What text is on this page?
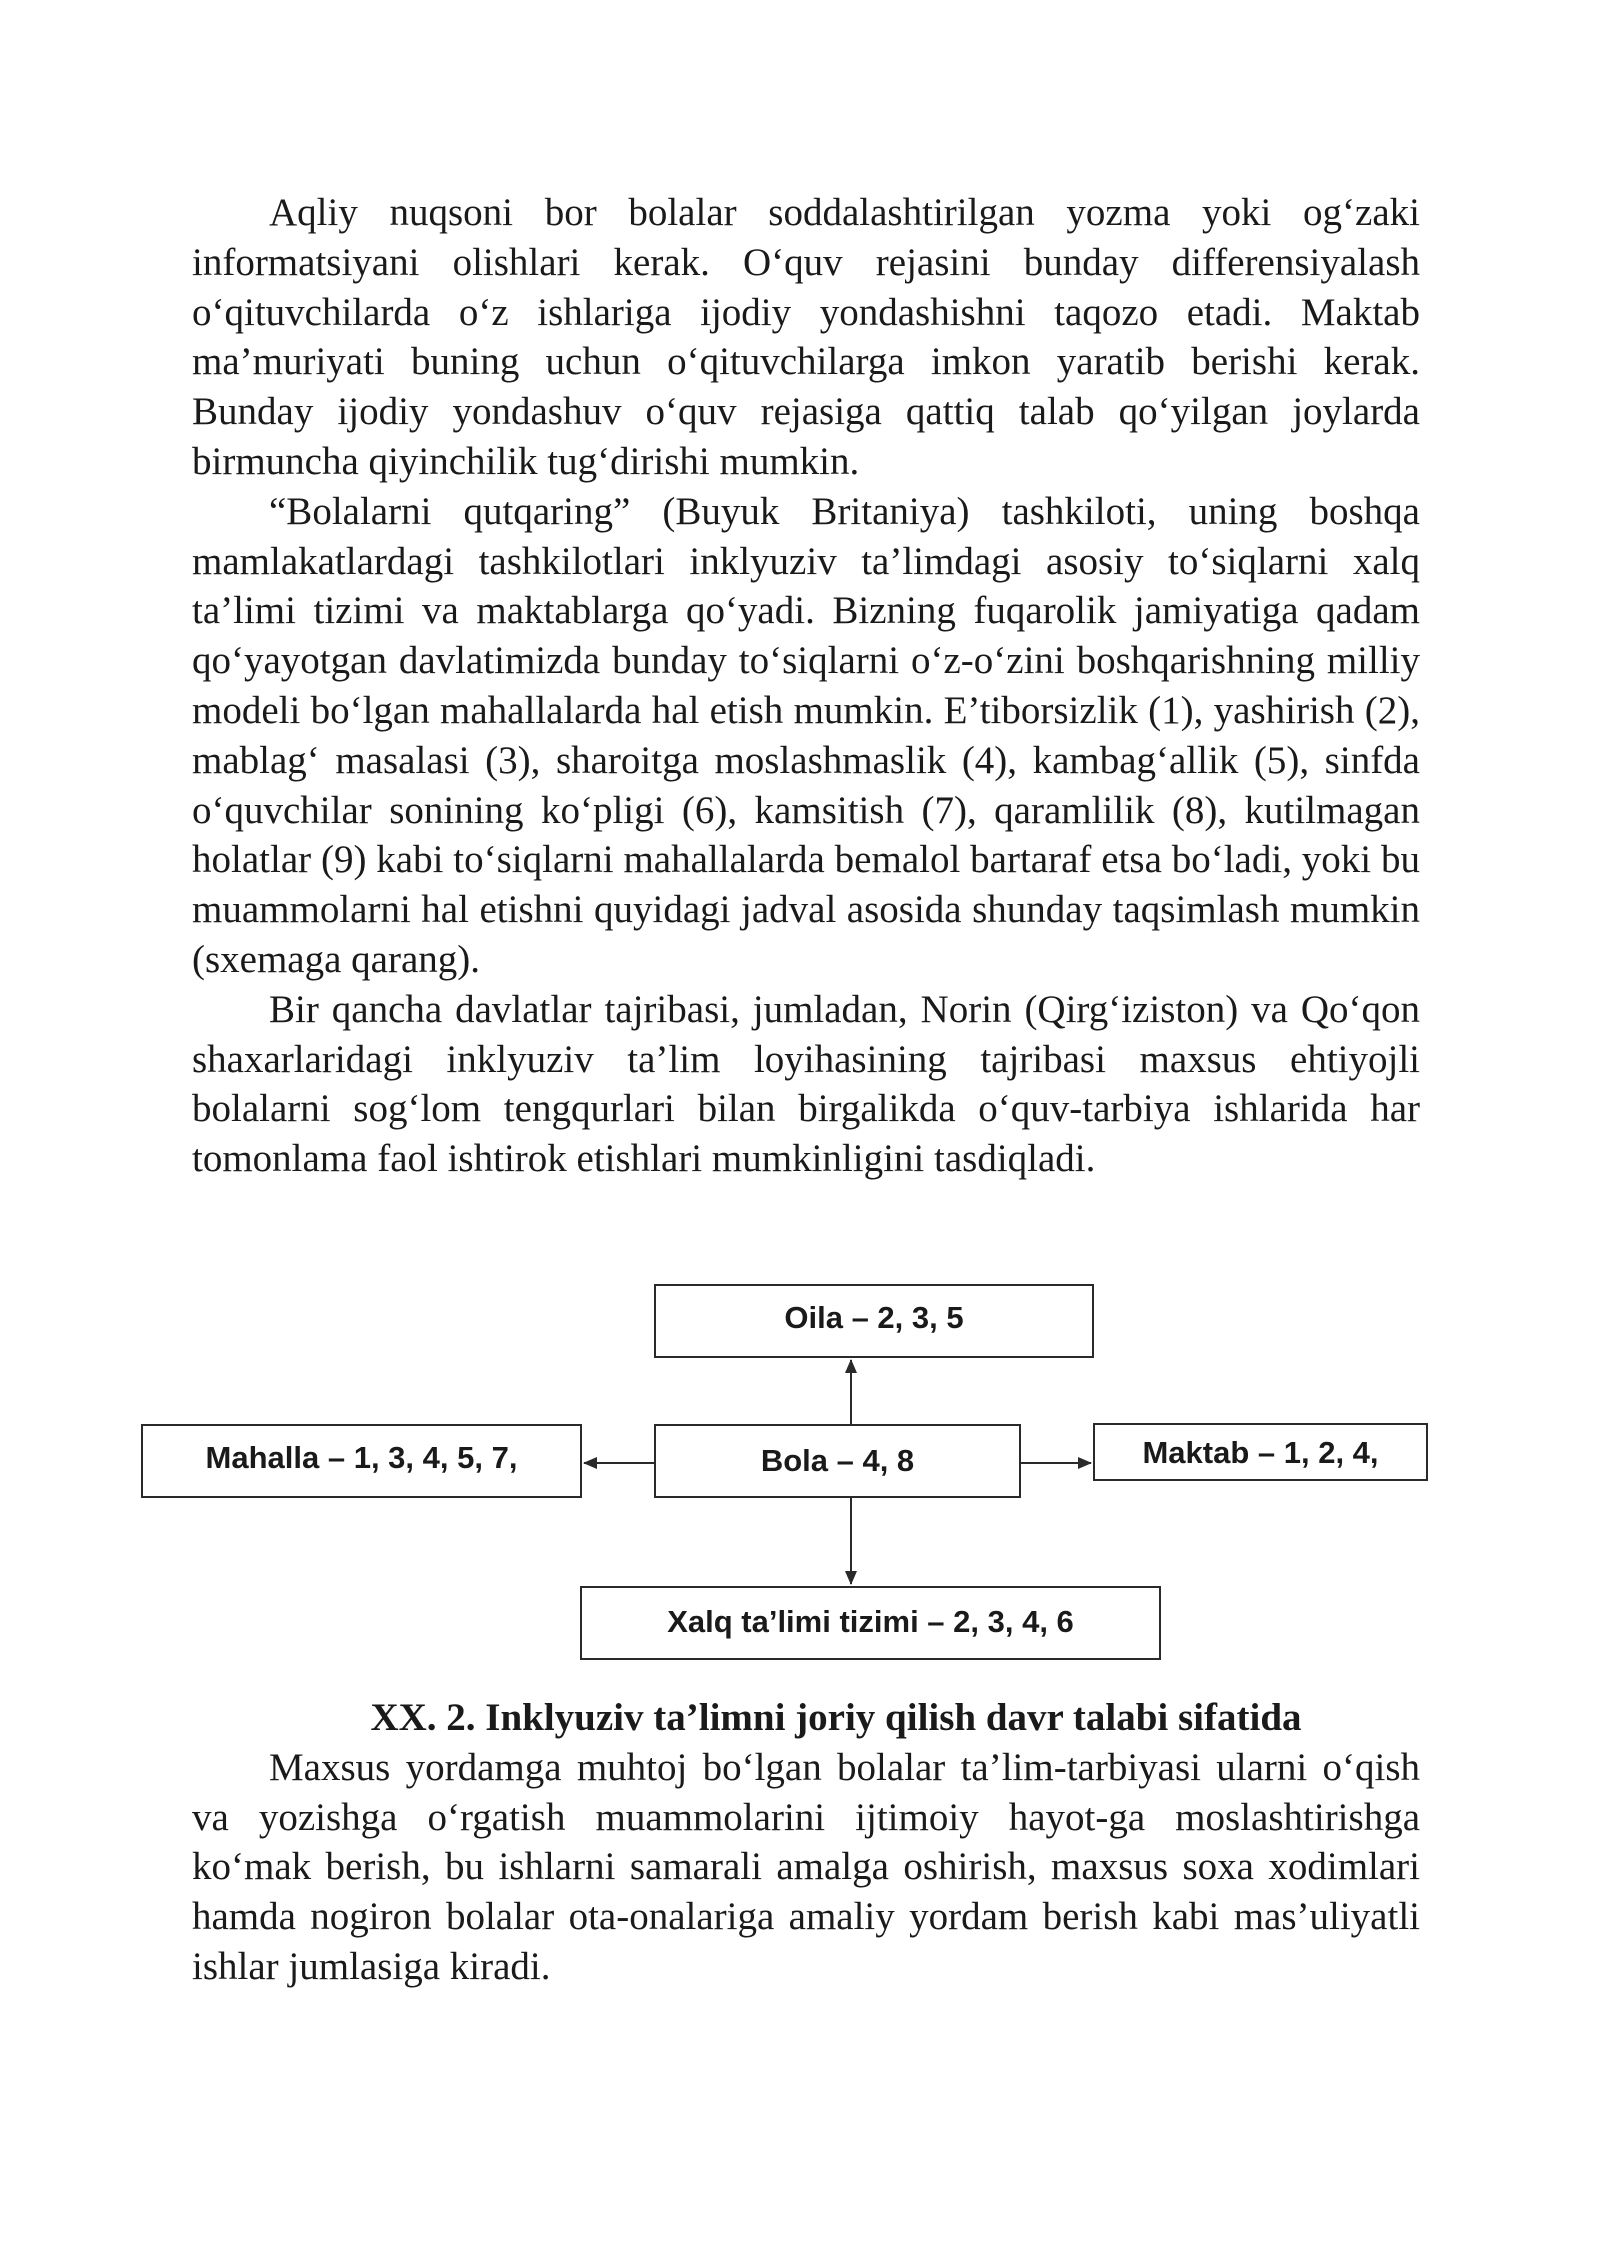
Aqliy nuqsoni bor bolalar soddalashtirilgan yozma yoki og‘zaki informatsiyani olishlari kerak. O‘quv rejasini bunday differensiyalash o‘qituvchilarda o‘z ishlariga ijodiy yondashishni taqozo etadi. Maktab ma’muriyati buning uchun o‘qituvchilarga imkon yaratib berishi kerak. Bunday ijodiy yondashuv o‘quv rejasiga qattiq talab qo‘yilgan joylarda birmuncha qiyinchilik tug‘dirishi mumkin.

“Bolalarni qutqaring” (Buyuk Britaniya) tashkiloti, uning boshqa mamlakatlardagi tashkilotlari inklyuziv ta’limdagi asosiy to‘siqlarni xalq ta’limi tizimi va maktablarga qo‘yadi. Bizning fuqarolik jamiyatiga qadam qo‘yayotgan davlatimizda bunday to‘siqlarni o‘z-o‘zini boshqarishning milliy modeli bo‘lgan mahallalarda hal etish mumkin. E’tiborsizlik (1), yashirish (2), mablag‘ masalasi (3), sharoitga moslashmaslik (4), kambag‘allik (5), sinfda o‘quvchilar sonining ko‘pligi (6), kamsitish (7), qaramlilik (8), kutilmagan holatlar (9) kabi to‘siqlarni mahallalarda bemalol bartaraf etsa bo‘ladi, yoki bu muammolarni hal etishni quyidagi jadval asosida shunday taqsimlash mumkin (sxemaga qarang).

Bir qancha davlatlar tajribasi, jumladan, Norin (Qirg‘iziston) va Qo‘qon shaxarlaridagi inklyuziv ta’lim loyihasining tajribasi maxsus ehtiyojli bolalarni sog‘lom tengqurlari bilan birgalikda o‘quv-tarbiya ishlarida har tomonlama faol ishtirok etishlari mumkinligini tasdiqladi.

Oila – 2, 3, 5
Bola – 4, 8
Mahalla – 1, 3, 4, 5, 7,	Maktab – 1, 2, 4,
Xalq ta’limi tizimi – 2, 3, 4, 6

XX. 2. Inklyuziv ta’limni joriy qilish davr talabi sifatida

Maxsus yordamga muhtoj bo‘lgan bolalar ta’lim-tarbiyasi ularni o‘qish va yozishga o‘rgatish muammolarini ijtimoiy hayot-ga moslashtirishga ko‘mak berish, bu ishlarni samarali amalga oshirish, maxsus soxa xodimlari hamda nogiron bolalar ota-onalariga amaliy yordam berish kabi mas’uliyatli ishlar jumlasiga kiradi.
